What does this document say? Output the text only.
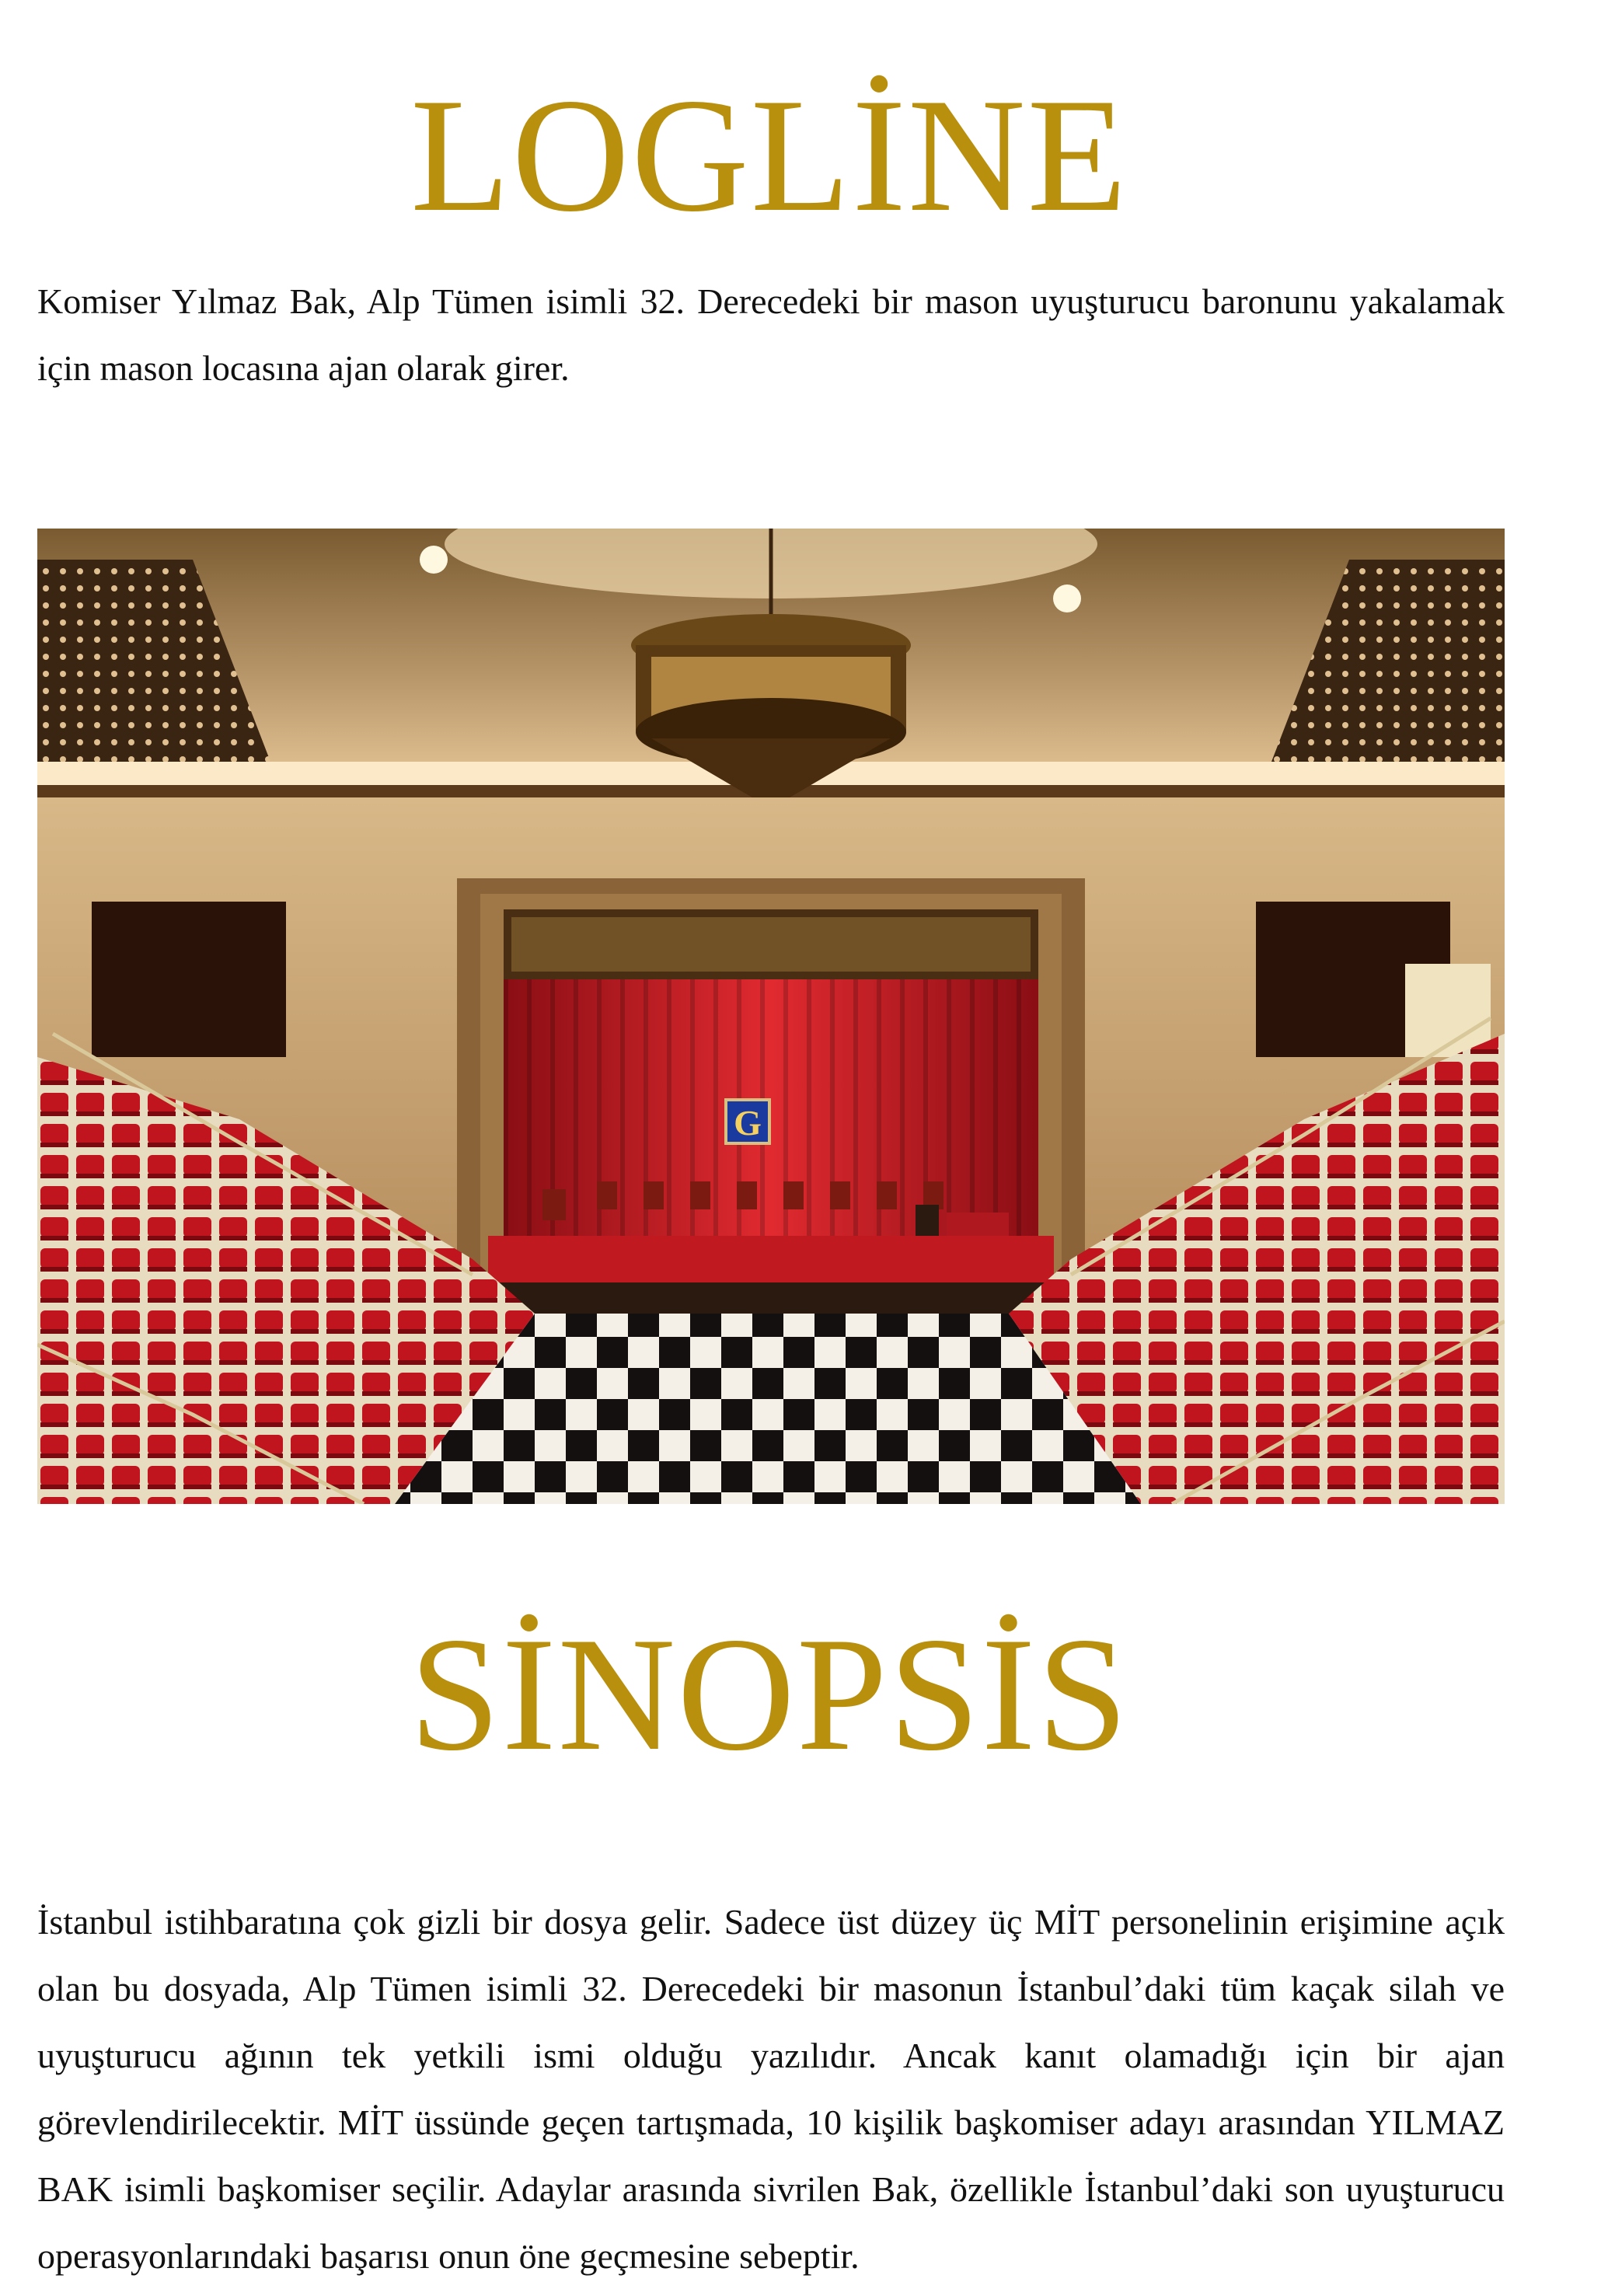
LOGLİNE

Komiser Yılmaz Bak, Alp Tümen isimli 32. Derecedeki bir mason uyuşturucu baronunu yakalamak için mason locasına ajan olarak girer.

G
SİNOPSİS

İstanbul istihbaratına çok gizli bir dosya gelir. Sadece üst düzey üç MİT personelinin erişimine açık olan bu dosyada, Alp Tümen isimli 32. Derecedeki bir masonun İstanbul’daki tüm kaçak silah ve uyuşturucu ağının tek yetkili ismi olduğu yazılıdır. Ancak kanıt olamadığı için bir ajan görevlendirilecektir. MİT üssünde geçen tartışmada, 10 kişilik başkomiser adayı arasından YILMAZ BAK isimli başkomiser seçilir. Adaylar arasında sivrilen Bak, özellikle İstanbul’daki son uyuşturucu operasyonlarındaki başarısı onun öne geçmesine sebeptir.
